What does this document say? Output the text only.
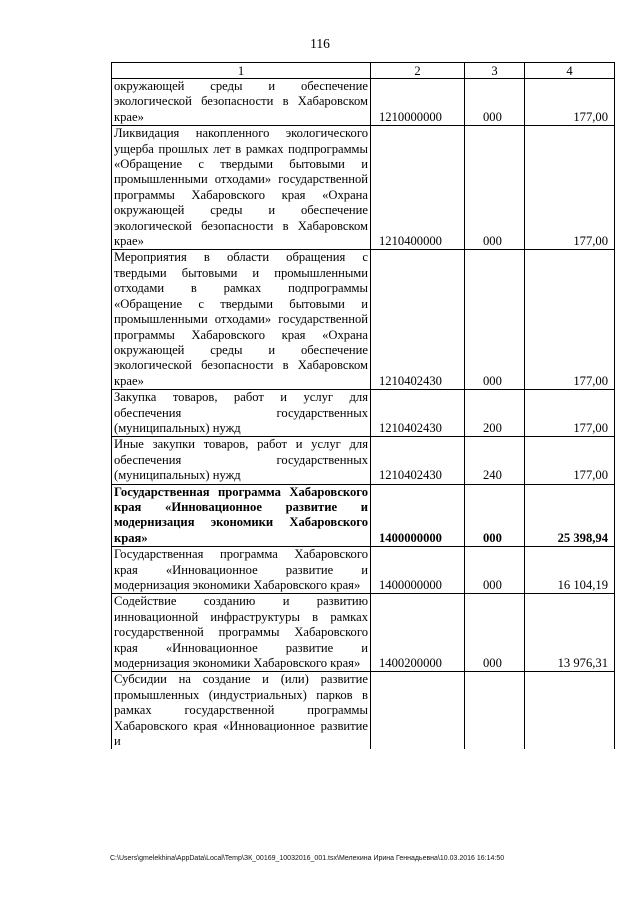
116
1	2	3	4
окружающей среды и обеспечение экологической безопасности в Хабаровском крае»	1210000000	000	177,00
Ликвидация накопленного экологического ущерба прошлых лет в рамках подпрограммы «Обращение с твердыми бытовыми и промышленными отходами» государственной программы Хабаровского края «Охрана окружающей среды и обеспечение экологической безопасности в Хабаровском крае»	1210400000	000	177,00
Мероприятия в области обращения с твердыми бытовыми и промышленными отходами в рамках подпрограммы «Обращение с твердыми бытовыми и промышленными отходами» государственной программы Хабаровского края «Охрана окружающей среды и обеспечение экологической безопасности в Хабаровском крае»	1210402430	000	177,00
Закупка товаров, работ и услуг для обеспечения государственных (муниципальных) нужд	1210402430	200	177,00
Иные закупки товаров, работ и услуг для обеспечения государственных (муниципальных) нужд	1210402430	240	177,00
Государственная программа Хабаровского края «Инновационное развитие и модернизация экономики Хабаровского края»	1400000000	000	25 398,94
Государственная программа Хабаровского края «Инновационное развитие и модернизация экономики Хабаровского края»	1400000000	000	16 104,19
Содействие созданию и развитию инновационной инфраструктуры в рамках государственной программы Хабаровского края «Инновационное развитие и модернизация экономики Хабаровского края»	1400200000	000	13 976,31
Субсидии на создание и (или) развитие промышленных (индустриальных) парков в рамках государственной программы Хабаровского края «Инновационное развитие и			
C:\Users\gmelekhina\AppData\Local\Temp\ЗК_00169_10032016_001.tsx\Мелехина Ирина Геннадьевна\10.03.2016 16:14:50
